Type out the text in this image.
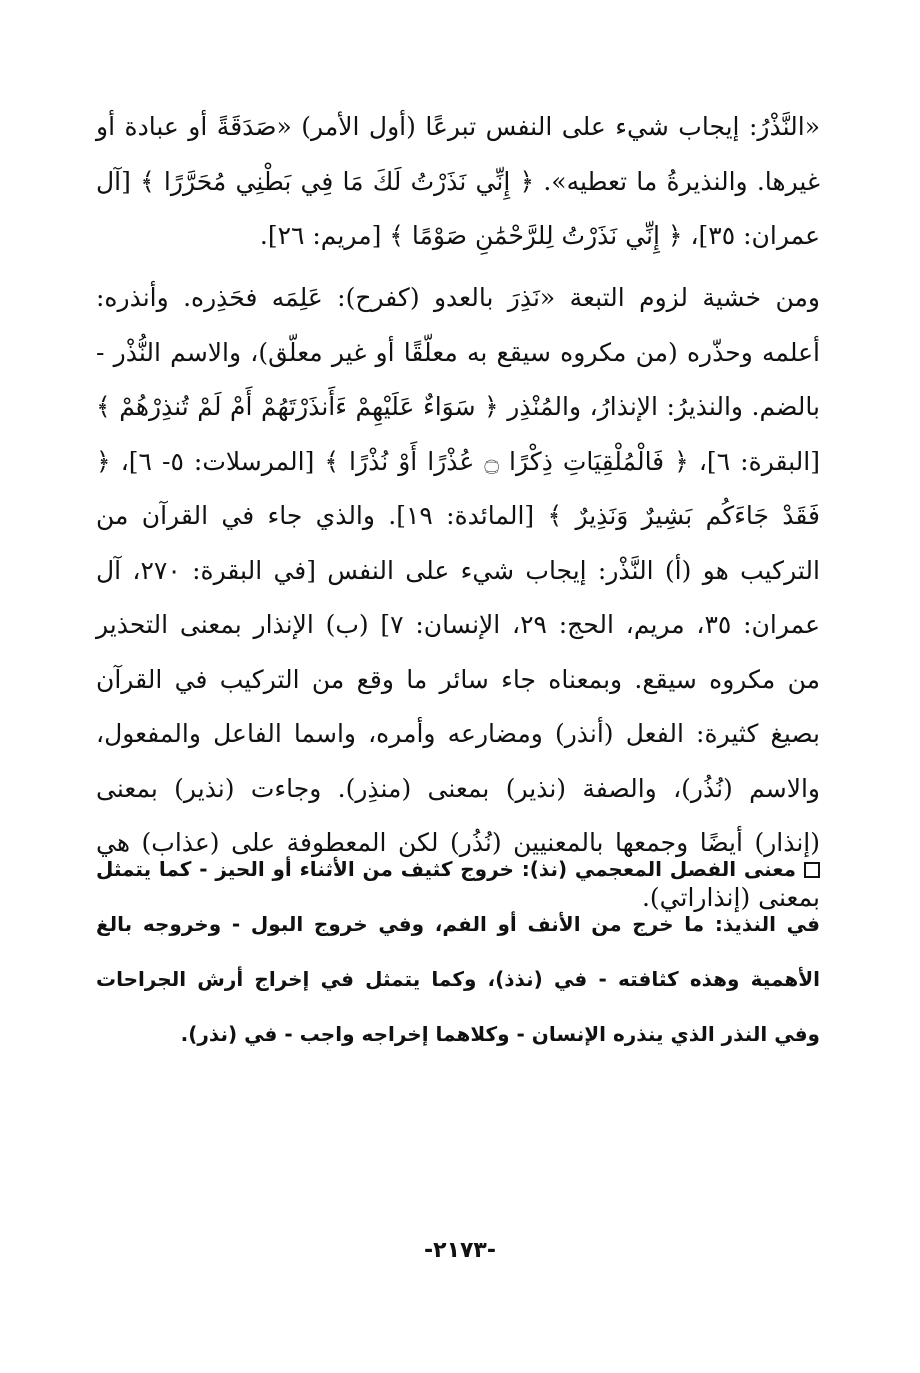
«النَّذْرُ: إيجاب شيء على النفس تبرعًا (أول الأمر) «صَدَقَةً أو عبادة أو غيرها. والنذيرةُ ما تعطيه». ﴿ إِنِّي نَذَرْتُ لَكَ مَا فِي بَطْنِي مُحَرَّرًا ﴾ [آل عمران: ٣٥]، ﴿ إِنِّي نَذَرْتُ لِلرَّحْمَٰنِ صَوْمًا ﴾ [مريم: ٢٦].

ومن خشية لزوم التبعة «نَذِرَ بالعدو (كفرح): عَلِمَه فحَذِره. وأنذره: أعلمه وحذّره (من مكروه سيقع به معلّقًا أو غير معلّق)، والاسم النُّذْر - بالضم. والنذيرُ: الإنذارُ، والمُنْذِر ﴿ سَوَاءٌ عَلَيْهِمْ ءَأَنذَرْتَهُمْ أَمْ لَمْ تُنذِرْهُمْ ﴾ [البقرة: ٦]، ﴿ فَالْمُلْقِيَاتِ ذِكْرًا ۝ عُذْرًا أَوْ نُذْرًا ﴾ [المرسلات: ٥- ٦]، ﴿ فَقَدْ جَاءَكُم بَشِيرٌ وَنَذِيرٌ ﴾ [المائدة: ١٩]. والذي جاء في القرآن من التركيب هو (أ) النَّذْر: إيجاب شيء على النفس [في البقرة: ٢٧٠، آل عمران: ٣٥، مريم، الحج: ٢٩، الإنسان: ٧] (ب) الإنذار بمعنى التحذير من مكروه سيقع. وبمعناه جاء سائر ما وقع من التركيب في القرآن بصيغ كثيرة: الفعل (أنذر) ومضارعه وأمره، واسما الفاعل والمفعول، والاسم (نُذُر)، والصفة (نذير) بمعنى (منذِر). وجاءت (نذير) بمعنى (إنذار) أيضًا وجمعها بالمعنيين (نُذُر) لكن المعطوفة على (عذاب) هي بمعنى (إنذاراتي).

معنى الفصل المعجمي (نذ): خروج كثيف من الأثناء أو الحيز - كما يتمثل في النذيذ: ما خرج من الأنف أو الفم، وفي خروج البول - وخروجه بالغ الأهمية وهذه كثافته - في (نذذ)، وكما يتمثل في إخراج أرش الجراحات وفي النذر الذي ينذره الإنسان - وكلاهما إخراجه واجب - في (نذر).

-٢١٧٣-
